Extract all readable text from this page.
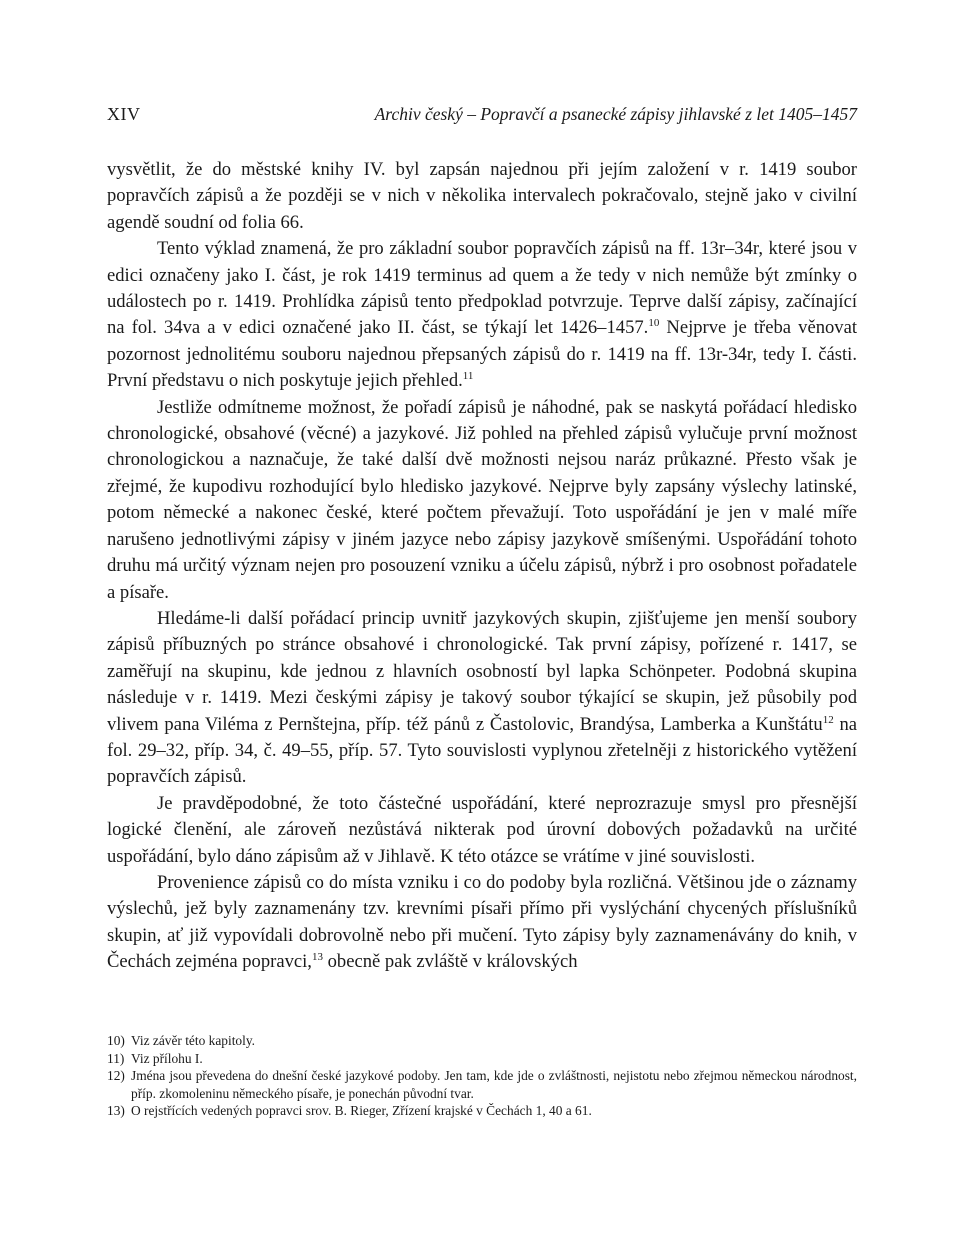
XIV	Archiv český – Popravčí a psanecké zápisy jihlavské z let 1405–1457

vysvětlit, že do městské knihy IV. byl zapsán najednou při jejím založení v r. 1419 soubor popravčích zápisů a že později se v nich v několika intervalech pokračovalo, stejně jako v civilní agendě soudní od folia 66.

Tento výklad znamená, že pro základní soubor popravčích zápisů na ff. 13r–34r, které jsou v edici označeny jako I. část, je rok 1419 terminus ad quem a že tedy v nich nemůže být zmínky o událostech po r. 1419. Prohlídka zápisů tento předpoklad potvrzuje. Teprve další zápisy, začínající na fol. 34va a v edici označené jako II. část, se týkají let 1426–1457.10 Nejprve je třeba věnovat pozornost jednolitému souboru najednou přepsaných zápisů do r. 1419 na ff. 13r-34r, tedy I. části. První představu o nich poskytuje jejich přehled.$^{11}$

Jestliže odmítneme možnost, že pořadí zápisů je náhodné, pak se naskytá pořádací hledisko chronologické, obsahové (věcné) a jazykové. Již pohled na přehled zápisů vylučuje první možnost chronologickou a naznačuje, že také další dvě možnosti nejsou naráz průkazné. Přesto však je zřejmé, že kupodivu rozhodující bylo hledisko jazykové. Nejprve byly zapsány výslechy latinské, potom německé a nakonec české, které počtem převažují. Toto uspořádání je jen v malé míře narušeno jednotlivými zápisy v jiném jazyce nebo zápisy jazykově smíšenými. Uspořádání tohoto druhu má určitý význam nejen pro posouzení vzniku a účelu zápisů, nýbrž i pro osobnost pořadatele a písaře.

Hledáme-li další pořádací princip uvnitř jazykových skupin, zjišťujeme jen menší soubory zápisů příbuzných po stránce obsahové i chronologické. Tak první zápisy, pořízené r. 1417, se zaměřují na skupinu, kde jednou z hlavních osobností byl lapka Schönpeter. Podobná skupina následuje v r. 1419. Mezi českými zápisy je takový soubor týkající se skupin, jež působily pod vlivem pana Viléma z Pernštejna, příp. též pánů z Častolovic, Brandýsa, Lamberka a Kunštátu$^{12}$ na fol. 29–32, příp. 34, č. 49–55, příp. 57. Tyto souvislosti vyplynou zřetelněji z historického vytěžení popravčích zápisů.

Je pravděpodobné, že toto částečné uspořádání, které neprozrazuje smysl pro přesnější logické členění, ale zároveň nezůstává nikterak pod úrovní dobových požadavků na určité uspořádání, bylo dáno zápisům až v Jihlavě. K této otázce se vrátíme v jiné souvislosti.

Provenience zápisů co do místa vzniku i co do podoby byla rozličná. Většinou jde o záznamy výslechů, jež byly zaznamenány tzv. krevními písaři přímo při vyslýchání chycených příslušníků skupin, ať již vypovídali dobrovolně nebo při mučení. Tyto zápisy byly zaznamenávány do knih, v Čechách zejména popravci,$^{13}$ obecně pak zvláště v královských

10) Viz závěr této kapitoly.
11) Viz přílohu I.
12) Jména jsou převedena do dnešní české jazykové podoby. Jen tam, kde jde o zvláštnosti, nejistotu nebo zřejmou německou národnost, příp. zkomoleninu německého písaře, je ponechán původní tvar.
13) O rejstřících vedených popravci srov. B. Rieger, Zřízení krajské v Čechách 1, 40 a 61.
